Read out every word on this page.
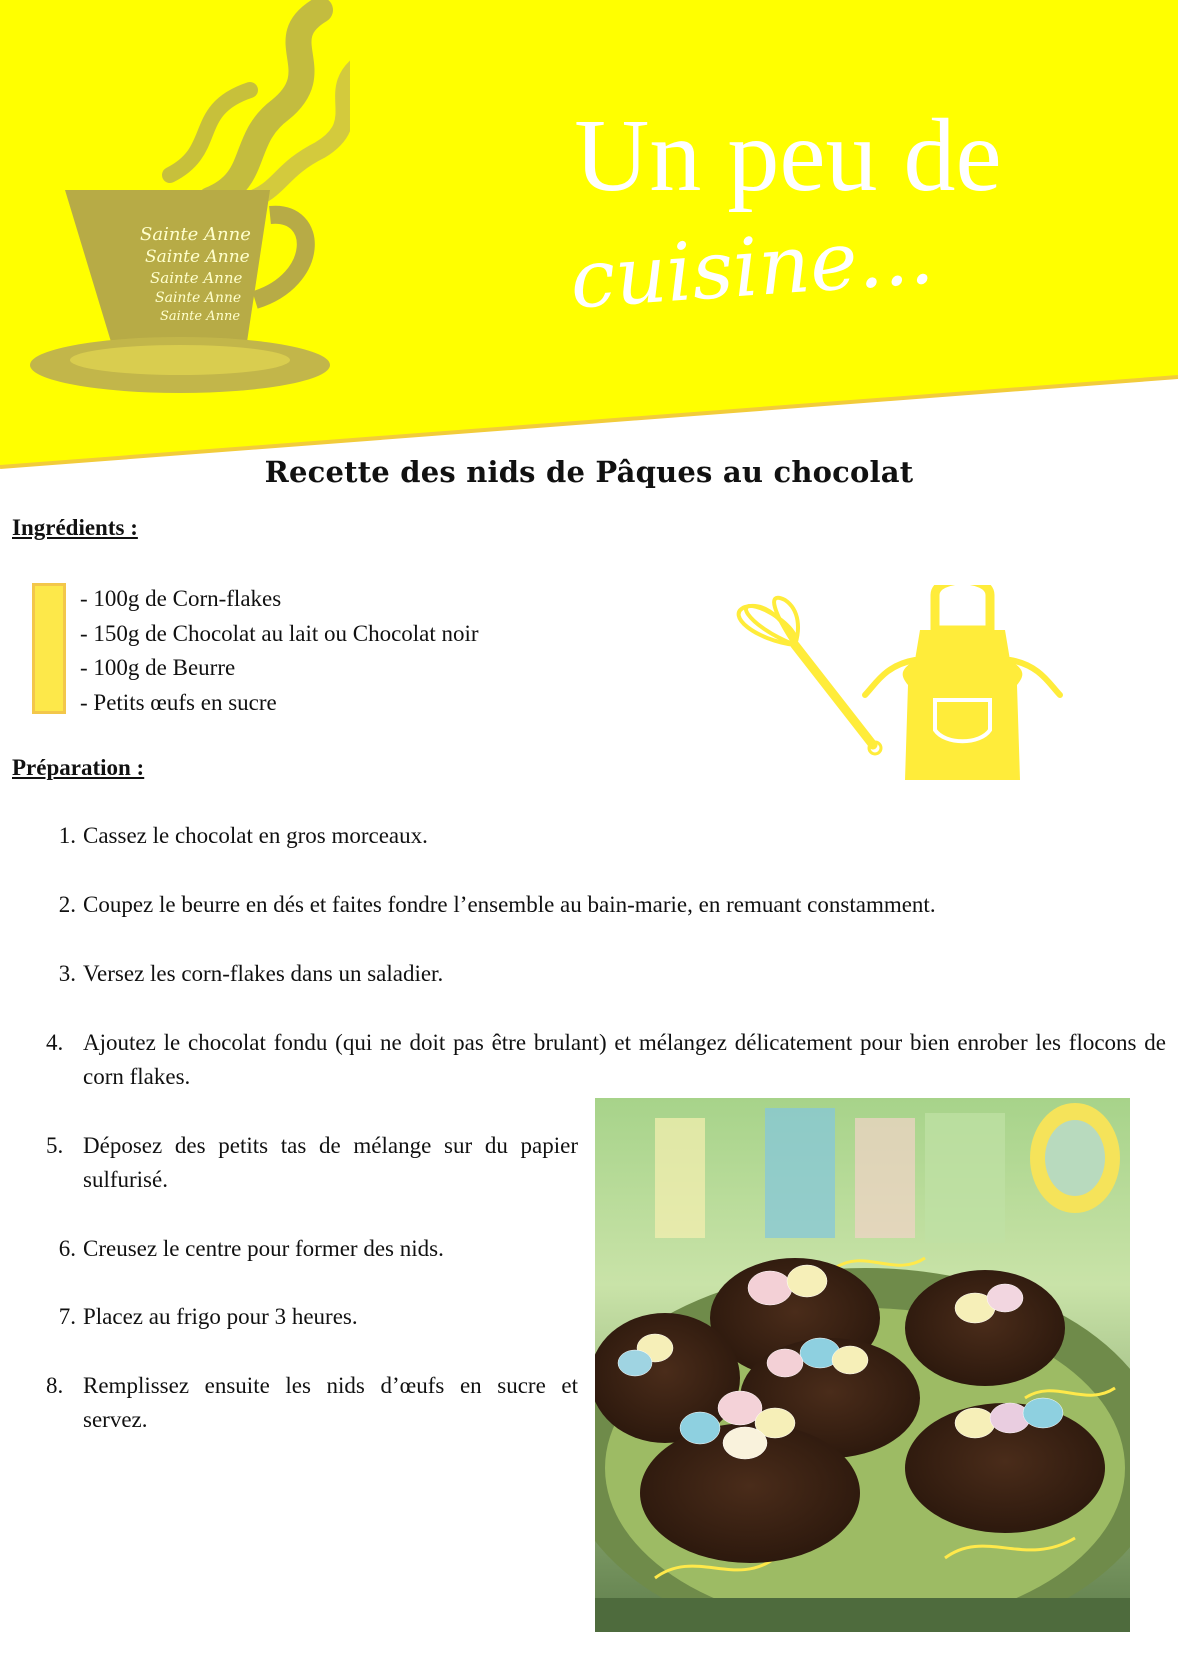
Un peu de
cuisine...
Sainte Anne
Sainte Anne
Sainte Anne
Sainte Anne
Sainte Anne
Recette des nids de Pâques au chocolat
Ingrédients :
- 100g de Corn-flakes
- 150g de Chocolat au lait ou Chocolat noir
- 100g de Beurre
- Petits œufs en sucre
Préparation :
1. Cassez le chocolat en gros morceaux.
2. Coupez le beurre en dés et faites fondre l’ensemble au bain-marie, en remuant constamment.
3. Versez les corn-flakes dans un saladier.
4. Ajoutez le chocolat fondu (qui ne doit pas être brulant) et mélangez délicatement pour bien enrober les flocons de corn flakes.
5. Déposez des petits tas de mélange sur du papier sulfurisé.
6. Creusez le centre pour former des nids.
7. Placez au frigo pour 3 heures.
8. Remplissez ensuite les nids d’œufs en sucre et servez.
